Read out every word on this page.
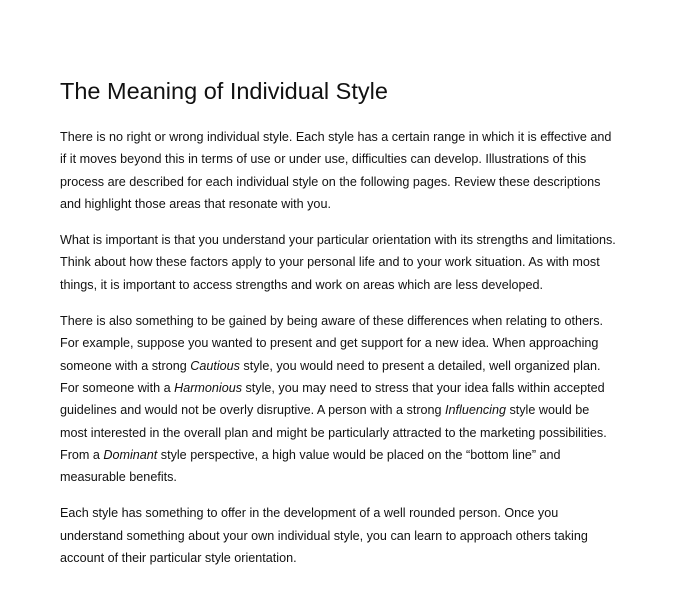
The Meaning of Individual Style

There is no right or wrong individual style. Each style has a certain range in which it is effective and
if it moves beyond this in terms of use or under use, difficulties can develop. Illustrations of this
process are described for each individual style on the following pages. Review these descriptions
and highlight those areas that resonate with you.

What is important is that you understand your particular orientation with its strengths and limitations.
Think about how these factors apply to your personal life and to your work situation. As with most
things, it is important to access strengths and work on areas which are less developed.

There is also something to be gained by being aware of these differences when relating to others.
For example, suppose you wanted to present and get support for a new idea. When approaching
someone with a strong Cautious style, you would need to present a detailed, well organized plan.
For someone with a Harmonious style, you may need to stress that your idea falls within accepted
guidelines and would not be overly disruptive. A person with a strong Influencing style would be
most interested in the overall plan and might be particularly attracted to the marketing possibilities.
From a Dominant style perspective, a high value would be placed on the “bottom line” and
measurable benefits.

Each style has something to offer in the development of a well rounded person. Once you
understand something about your own individual style, you can learn to approach others taking
account of their particular style orientation.
